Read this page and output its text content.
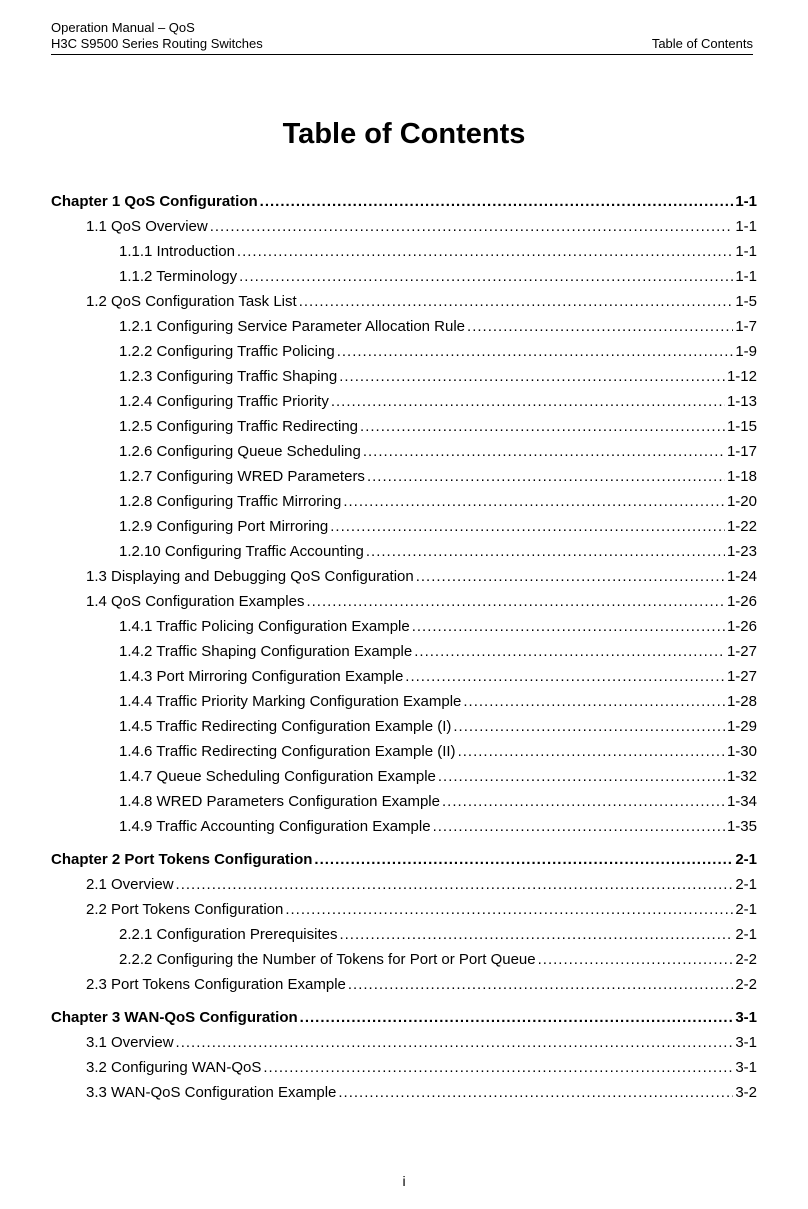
Operation Manual – QoS
H3C S9500 Series Routing Switches	Table of Contents
Table of Contents
Chapter 1 QoS Configuration .....	1-1
1.1 QoS Overview .....	1-1
1.1.1 Introduction .....	1-1
1.1.2 Terminology .....	1-1
1.2 QoS Configuration Task List .....	1-5
1.2.1 Configuring Service Parameter Allocation Rule .....	1-7
1.2.2 Configuring Traffic Policing .....	1-9
1.2.3 Configuring Traffic Shaping .....	1-12
1.2.4 Configuring Traffic Priority .....	1-13
1.2.5 Configuring Traffic Redirecting .....	1-15
1.2.6 Configuring Queue Scheduling .....	1-17
1.2.7 Configuring WRED Parameters .....	1-18
1.2.8 Configuring Traffic Mirroring .....	1-20
1.2.9 Configuring Port Mirroring .....	1-22
1.2.10 Configuring Traffic Accounting .....	1-23
1.3 Displaying and Debugging QoS Configuration .....	1-24
1.4 QoS Configuration Examples .....	1-26
1.4.1 Traffic Policing Configuration Example .....	1-26
1.4.2 Traffic Shaping Configuration Example .....	1-27
1.4.3 Port Mirroring Configuration Example .....	1-27
1.4.4 Traffic Priority Marking Configuration Example .....	1-28
1.4.5 Traffic Redirecting Configuration Example (I) .....	1-29
1.4.6 Traffic Redirecting Configuration Example (II) .....	1-30
1.4.7 Queue Scheduling Configuration Example .....	1-32
1.4.8 WRED Parameters Configuration Example .....	1-34
1.4.9 Traffic Accounting Configuration Example .....	1-35
Chapter 2 Port Tokens Configuration .....	2-1
2.1 Overview .....	2-1
2.2 Port Tokens Configuration .....	2-1
2.2.1 Configuration Prerequisites .....	2-1
2.2.2 Configuring the Number of Tokens for Port or Port Queue .....	2-2
2.3 Port Tokens Configuration Example .....	2-2
Chapter 3 WAN-QoS Configuration .....	3-1
3.1 Overview .....	3-1
3.2 Configuring WAN-QoS .....	3-1
3.3 WAN-QoS Configuration Example .....	3-2
i
